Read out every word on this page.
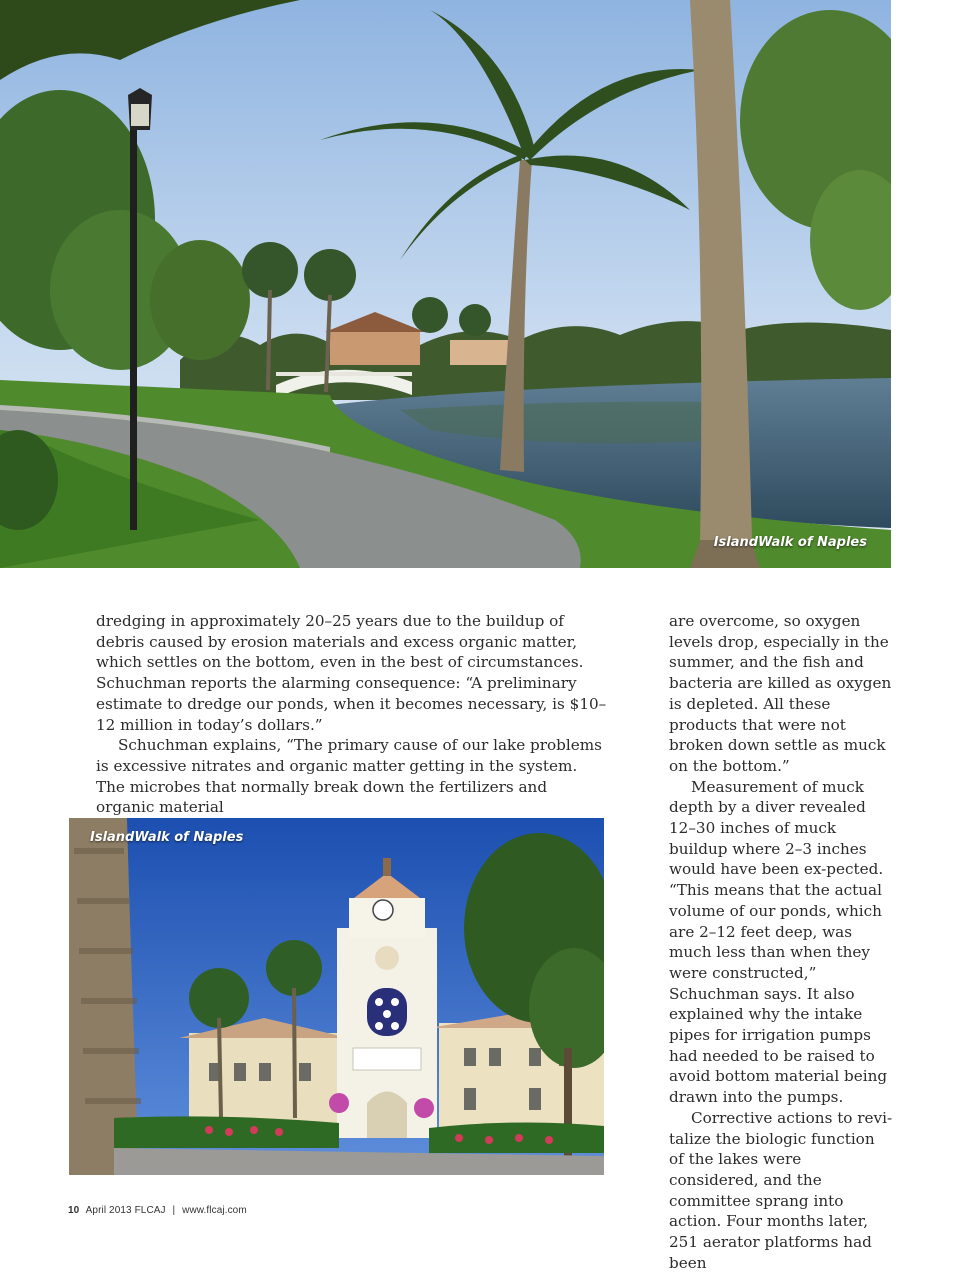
IslandWalk of Naples

dredging in approximately 20–25 years due to the buildup of debris caused by erosion materials and excess organic matter, which settles on the bottom, even in the best of circumstances. Schuchman reports the alarming consequence: “A preliminary estimate to dredge our ponds, when it becomes necessary, is $10–12 million in today’s dollars.”

Schuchman explains, “The primary cause of our lake problems is excessive nitrates and organic matter getting in the system. The microbes that normally break down the fertilizers and organic material

are overcome, so oxygen levels drop, especially in the summer, and the fish and bacteria are killed as oxygen is depleted. All these products that were not broken down settle as muck on the bottom.”

Measurement of muck depth by a diver revealed 12–30 inches of muck buildup where 2–3 inches would have been ex-pected. “This means that the actual volume of our ponds, which are 2–12 feet deep, was much less than when they were constructed,” Schuchman says. It also explained why the intake pipes for irrigation pumps had needed to be raised to avoid bottom material being drawn into the pumps.

Corrective actions to revi-talize the biologic function of the lakes were considered, and the committee sprang into action. Four months later, 251 aerator platforms had been

IslandWalk of Naples
10 April 2013 FLCAJ | www.flcaj.com
